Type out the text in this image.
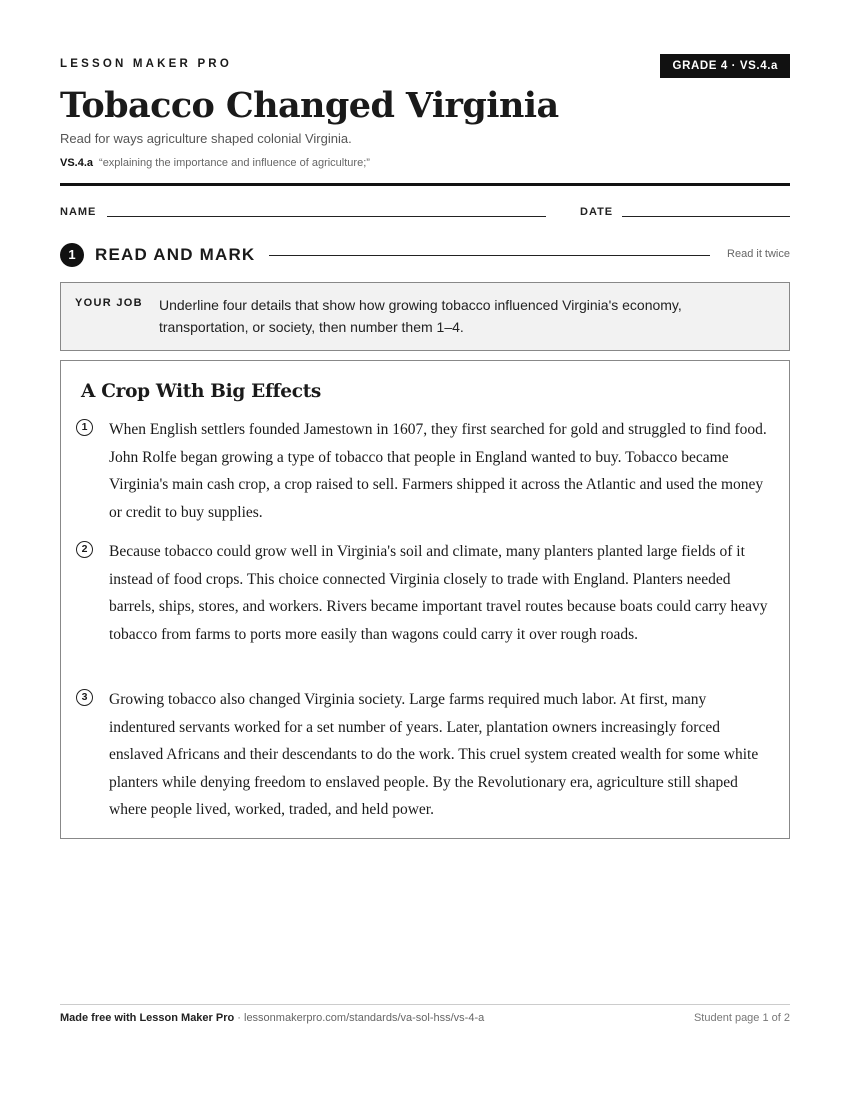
LESSON MAKER PRO	GRADE 4 · VS.4.a
Tobacco Changed Virginia
Read for ways agriculture shaped colonial Virginia.
VS.4.a “explaining the importance and influence of agriculture;”
NAME	DATE
1	READ AND MARK	Read it twice
YOUR JOB Underline four details that show how growing tobacco influenced Virginia's economy, transportation, or society, then number them 1–4.
A Crop With Big Effects
1	When English settlers founded Jamestown in 1607, they first searched for gold and struggled to find food. John Rolfe began growing a type of tobacco that people in England wanted to buy. Tobacco became Virginia's main cash crop, a crop raised to sell. Farmers shipped it across the Atlantic and used the money or credit to buy supplies.

2	Because tobacco could grow well in Virginia's soil and climate, many planters planted large fields of it instead of food crops. This choice connected Virginia closely to trade with England. Planters needed barrels, ships, stores, and workers. Rivers became important travel routes because boats could carry heavy tobacco from farms to ports more easily than wagons could carry it over rough roads.

3	Growing tobacco also changed Virginia society. Large farms required much labor. At first, many indentured servants worked for a set number of years. Later, plantation owners increasingly forced enslaved Africans and their descendants to do the work. This cruel system created wealth for some white planters while denying freedom to enslaved people. By the Revolutionary era, agriculture still shaped where people lived, worked, traded, and held power.

Made free with Lesson Maker Pro · lessonmakerpro.com/standards/va-sol-hss/vs-4-a	Student page 1 of 2
